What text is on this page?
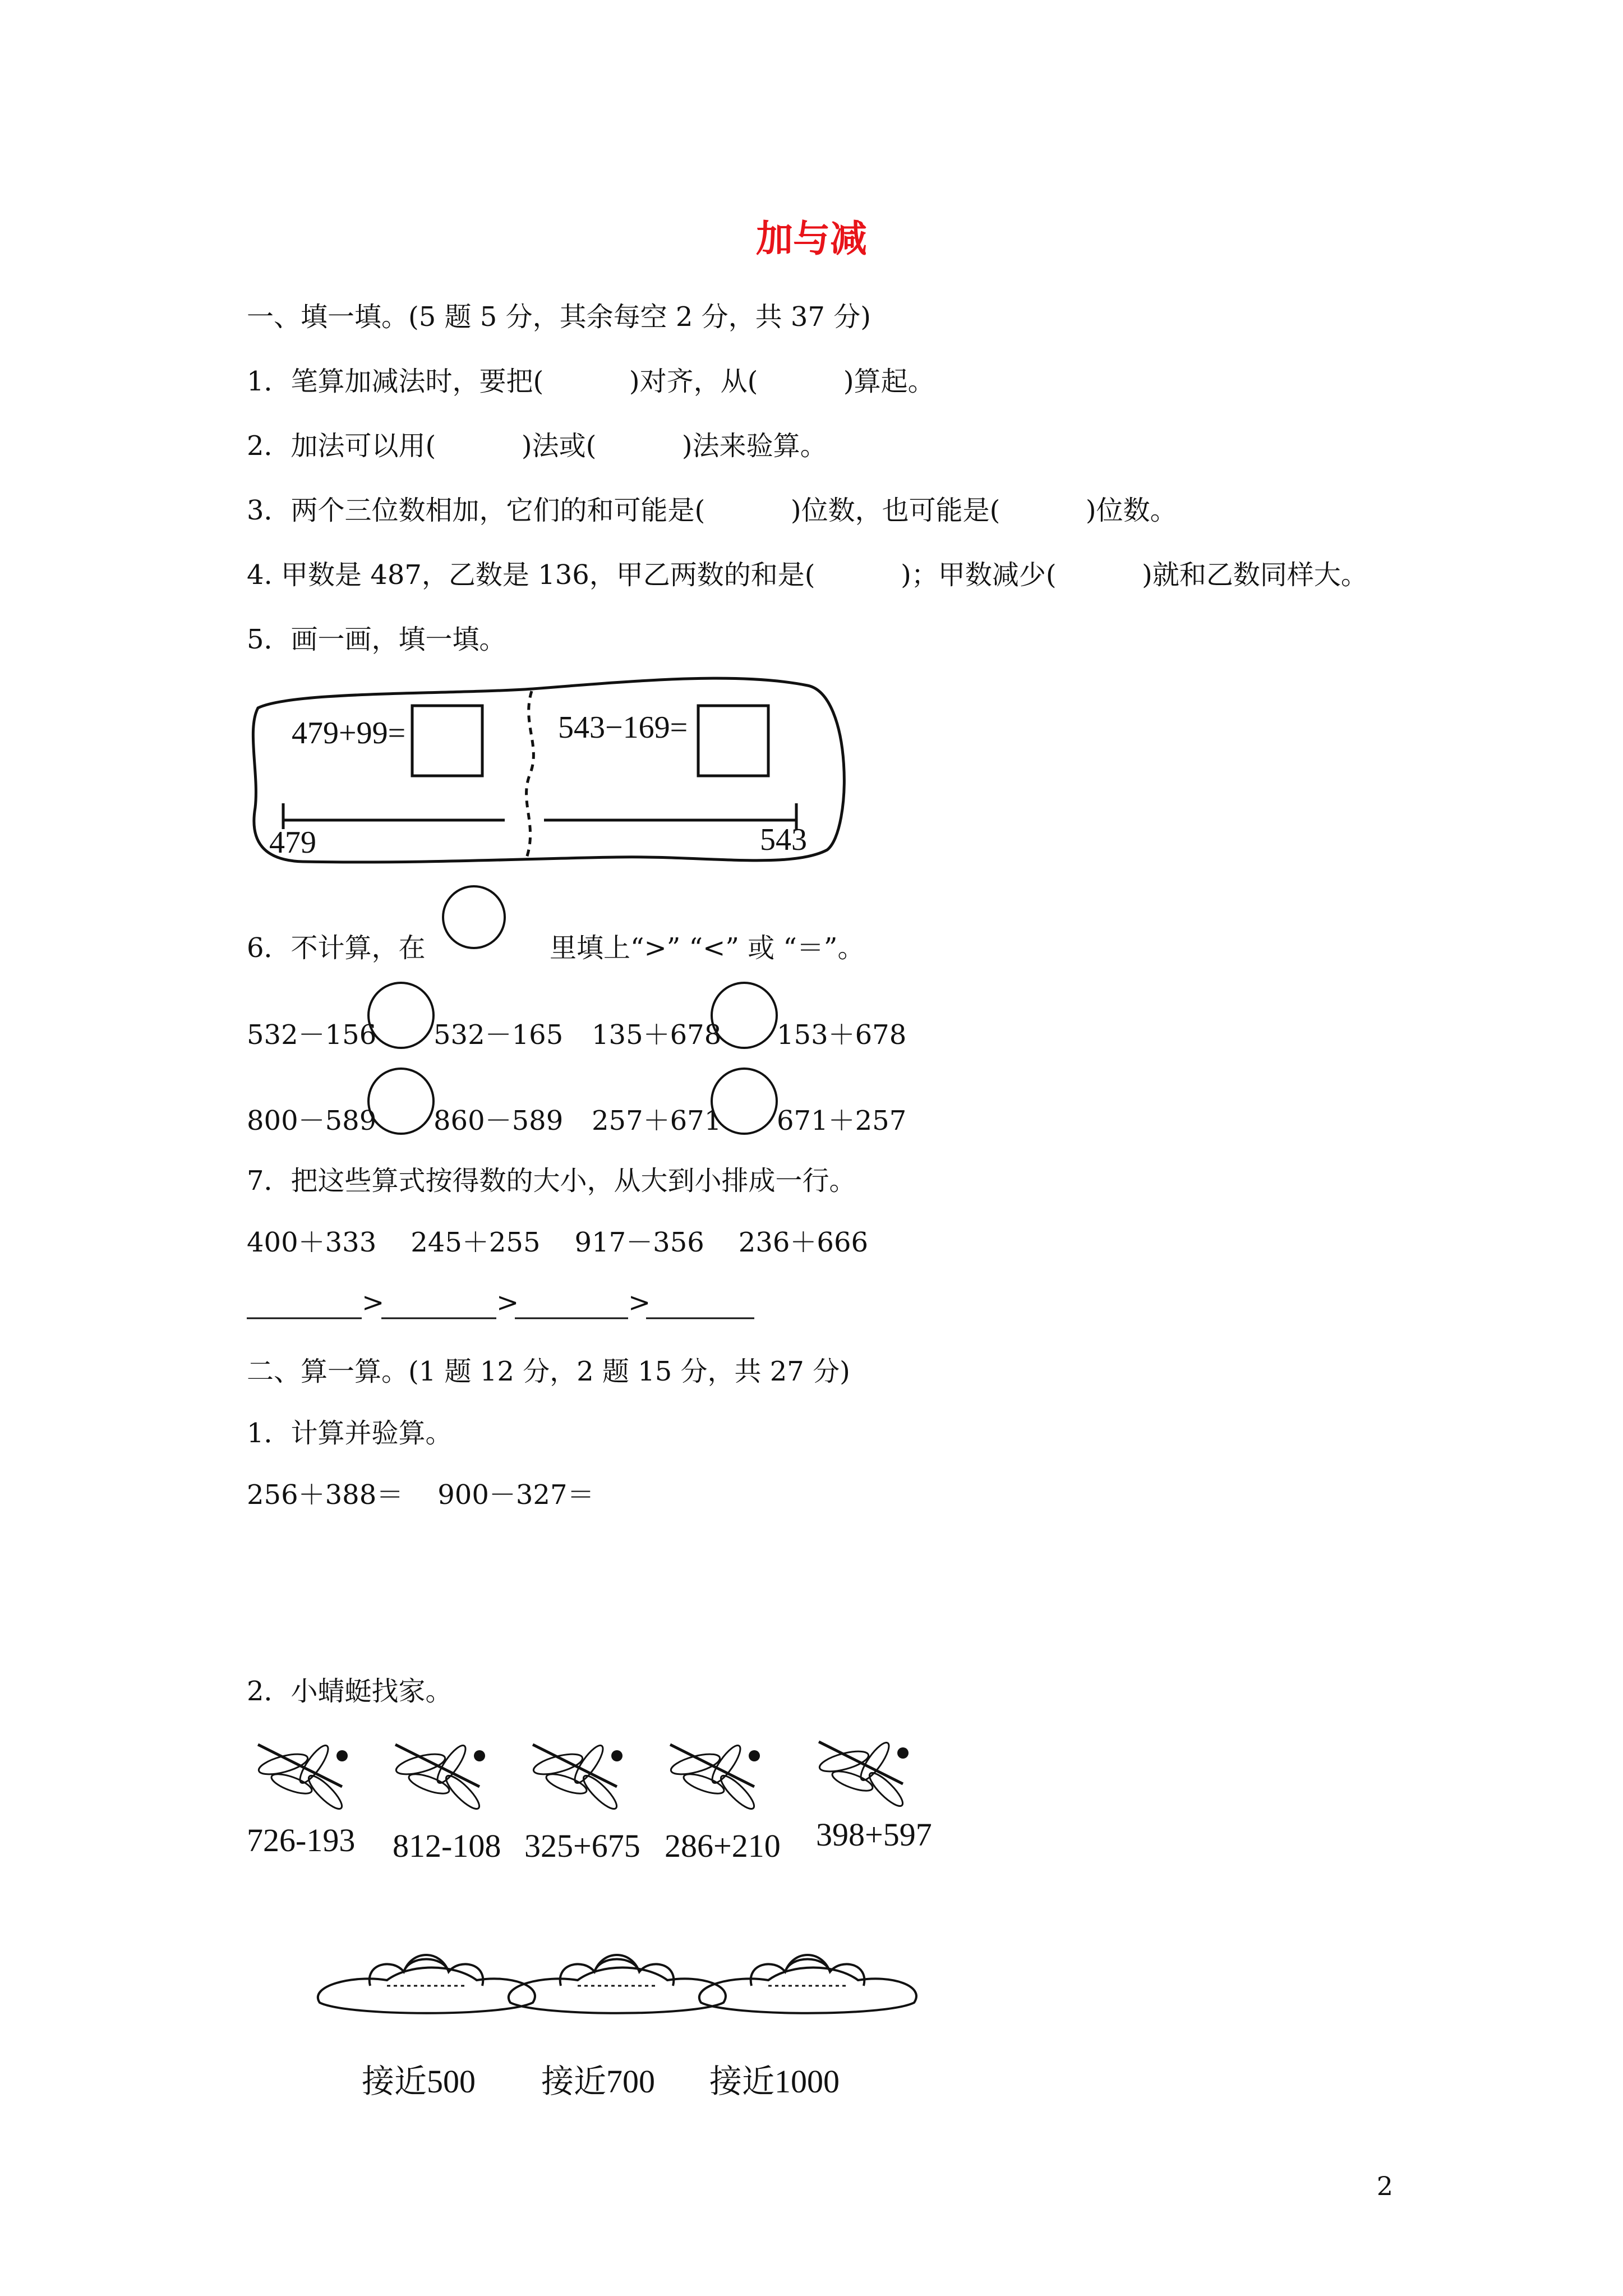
加与减
一、填一填。(5 题 5 分，其余每空 2 分，共 37 分)
1．笔算加减法时，要把(          )对齐，从(          )算起。
2．加法可以用(          )法或(          )法来验算。
3．两个三位数相加，它们的和可能是(          )位数，也可能是(          )位数。
4. 甲数是 487，乙数是 136，甲乙两数的和是(          )；甲数减少(          )就和乙数同样大。
5．画一画，填一填。
6．不计算，在	里填上“>” “<” 或 “＝”。
532－156 532－165 135＋678 153＋678
800－589 860－589 257＋671 671＋257
7．把这些算式按得数的大小，从大到小排成一行。
400＋333    245＋255    917－356    236＋666
>	>	>
二、算一算。(1 题 12 分，2 题 15 分，共 27 分)
1．计算并验算。
256＋388＝    900－327＝
2．小蜻蜓找家。
2
479+99=	543−169=
479	543
726-193 812-108 325+675 286+210 398+597
接近500 接近700 接近1000
